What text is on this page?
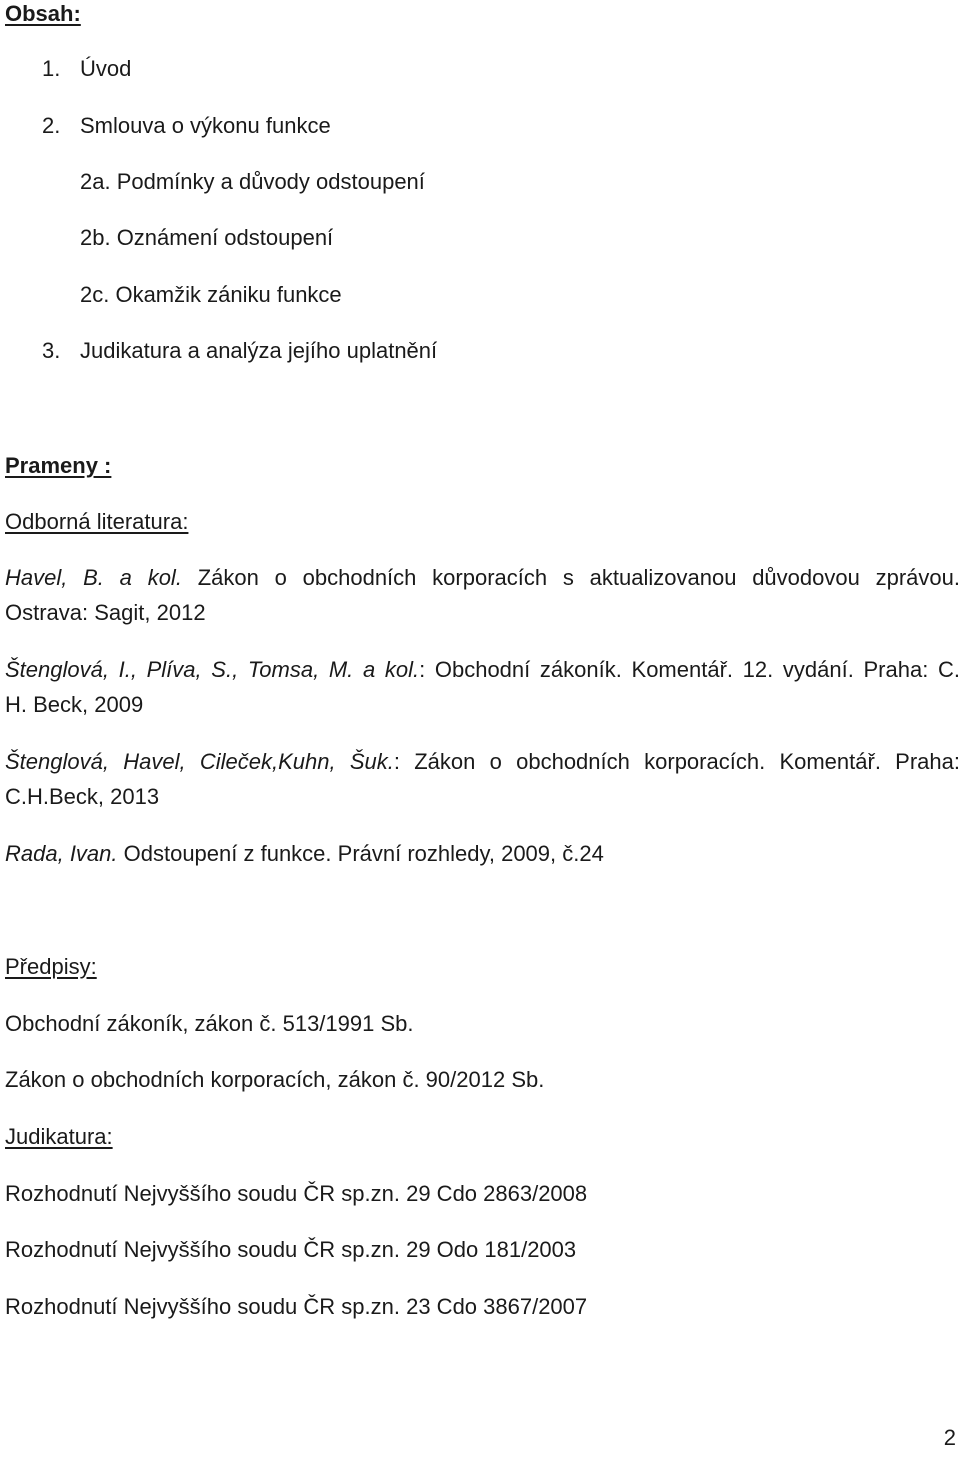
Obsah:

1. Úvod

2. Smlouva o výkonu funkce

2a. Podmínky a důvody odstoupení

2b. Oznámení odstoupení

2c. Okamžik zániku funkce

3. Judikatura a analýza jejího uplatnění

Prameny :

Odborná literatura:

Havel, B. a kol. Zákon o obchodních korporacích s aktualizovanou důvodovou zprávou.

Ostrava: Sagit, 2012

Štenglová, I., Plíva, S., Tomsa, M. a kol.: Obchodní zákoník. Komentář. 12. vydání. Praha: C.

H. Beck, 2009

Štenglová, Havel, Cileček,Kuhn, Šuk.: Zákon o obchodních korporacích. Komentář. Praha:

C.H.Beck, 2013

Rada, Ivan. Odstoupení z funkce. Právní rozhledy, 2009, č.24

Předpisy:

Obchodní zákoník, zákon č. 513/1991 Sb.

Zákon o obchodních korporacích, zákon č. 90/2012 Sb.

Judikatura:

Rozhodnutí Nejvyššího soudu ČR sp.zn. 29 Cdo 2863/2008

Rozhodnutí Nejvyššího soudu ČR sp.zn. 29 Odo 181/2003

Rozhodnutí Nejvyššího soudu ČR sp.zn. 23 Cdo 3867/2007

2
